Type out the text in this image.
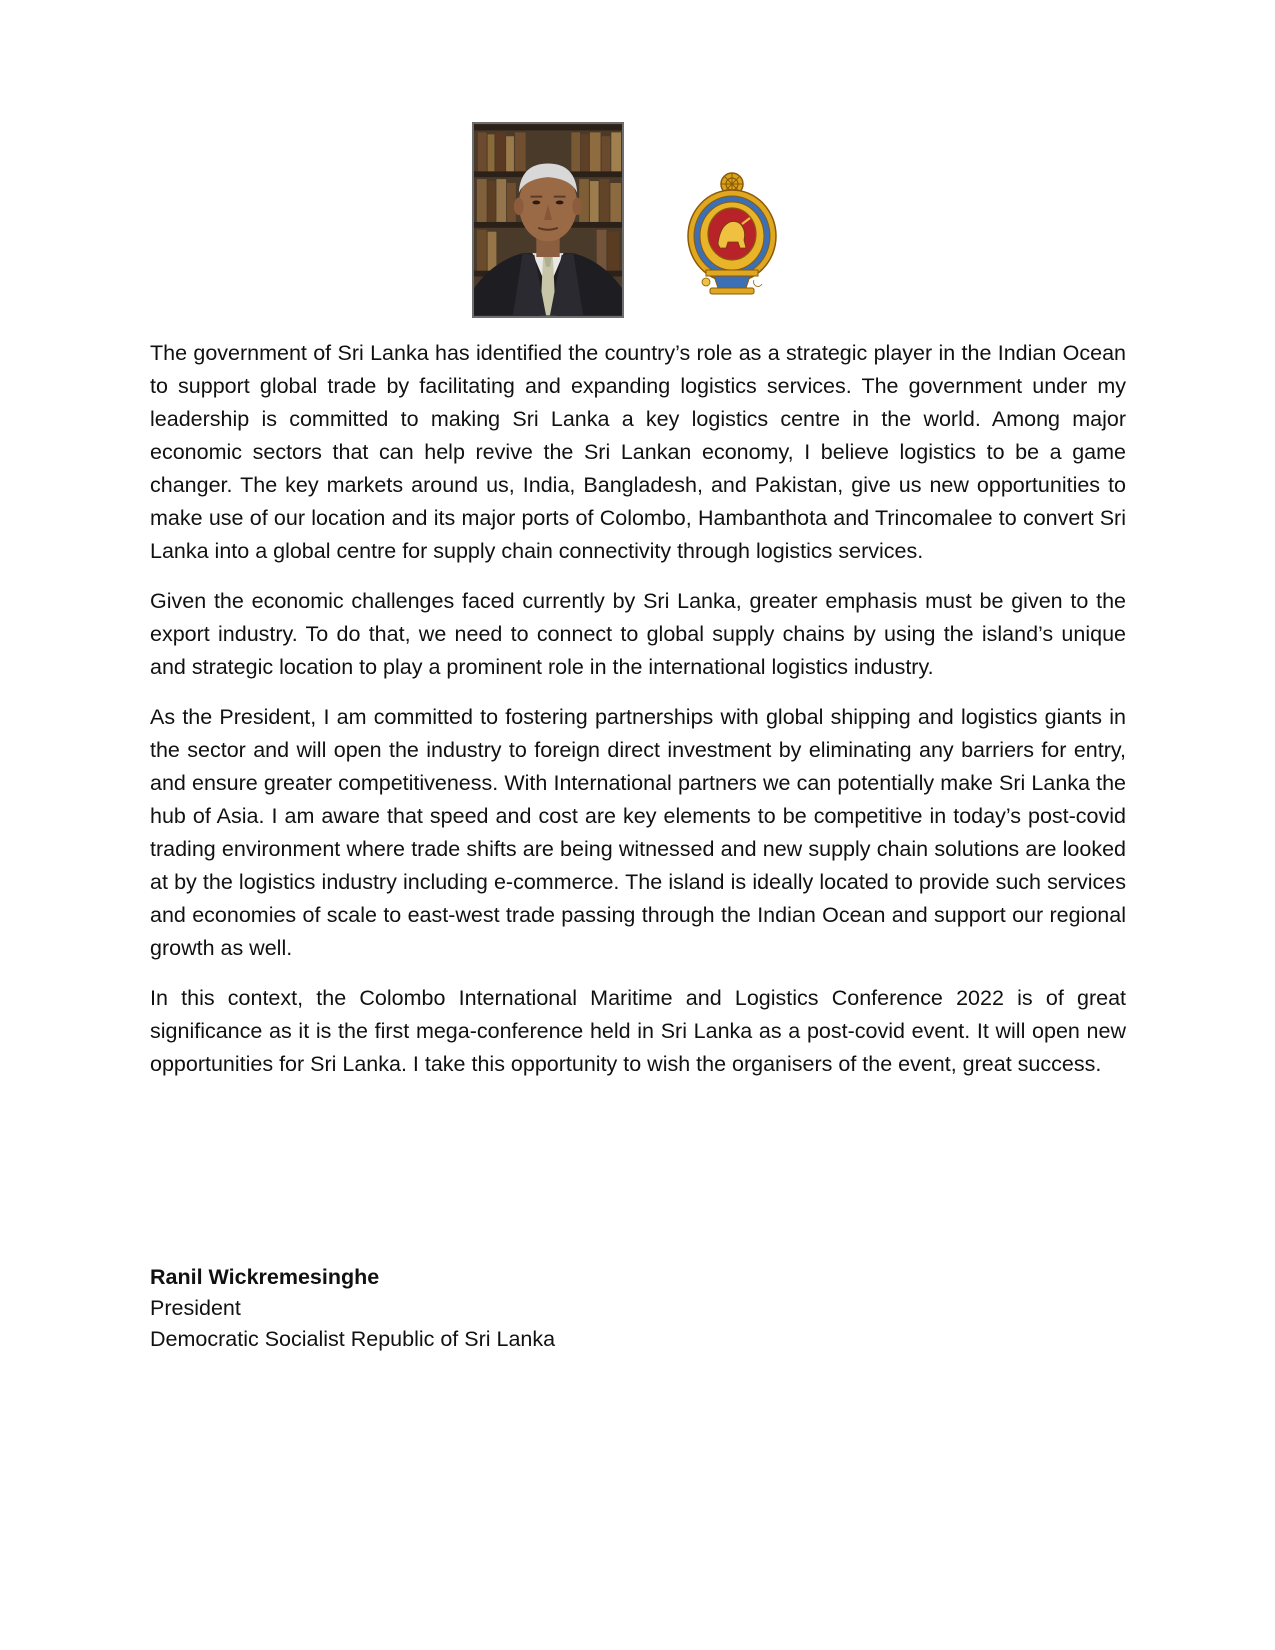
The government of Sri Lanka has identified the country’s role as a strategic player in the Indian Ocean to support global trade by facilitating and expanding logistics services. The government under my leadership is committed to making Sri Lanka a key logistics centre in the world. Among major economic sectors that can help revive the Sri Lankan economy, I believe logistics to be a game changer. The key markets around us, India, Bangladesh, and Pakistan, give us new opportunities to make use of our location and its major ports of Colombo, Hambanthota and Trincomalee to convert Sri Lanka into a global centre for supply chain connectivity through logistics services.

Given the economic challenges faced currently by Sri Lanka, greater emphasis must be given to the export industry. To do that, we need to connect to global supply chains by using the island’s unique and strategic location to play a prominent role in the international logistics industry.

As the President, I am committed to fostering partnerships with global shipping and logistics giants in the sector and will open the industry to foreign direct investment by eliminating any barriers for entry, and ensure greater competitiveness. With International partners we can potentially make Sri Lanka the hub of Asia. I am aware that speed and cost are key elements to be competitive in today’s post-covid trading environment where trade shifts are being witnessed and new supply chain solutions are looked at by the logistics industry including e-commerce. The island is ideally located to provide such services and economies of scale to east-west trade passing through the Indian Ocean and support our regional growth as well.

In this context, the Colombo International Maritime and Logistics Conference 2022 is of great significance as it is the first mega-conference held in Sri Lanka as a post-covid event. It will open new opportunities for Sri Lanka. I take this opportunity to wish the organisers of the event, great success.

Ranil Wickremesinghe
President
Democratic Socialist Republic of Sri Lanka
